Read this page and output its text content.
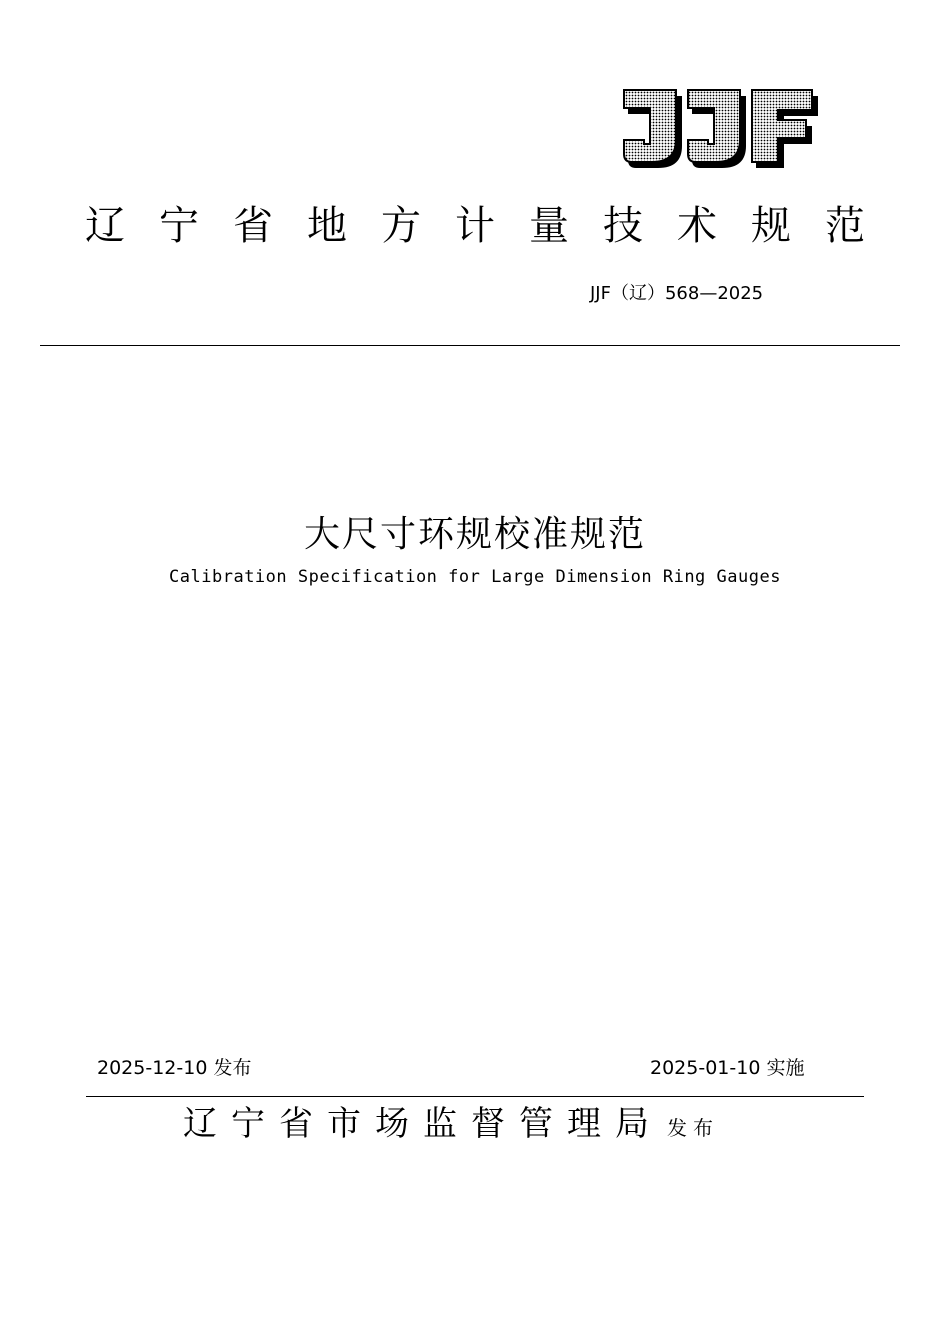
辽宁省地方计量技术规范
JJF（辽）568—2025
大尺寸环规校准规范
Calibration Specification for Large Dimension Ring Gauges
2025-12-10 发布	2025-01-10 实施
辽宁省市场监督管理局 发布
